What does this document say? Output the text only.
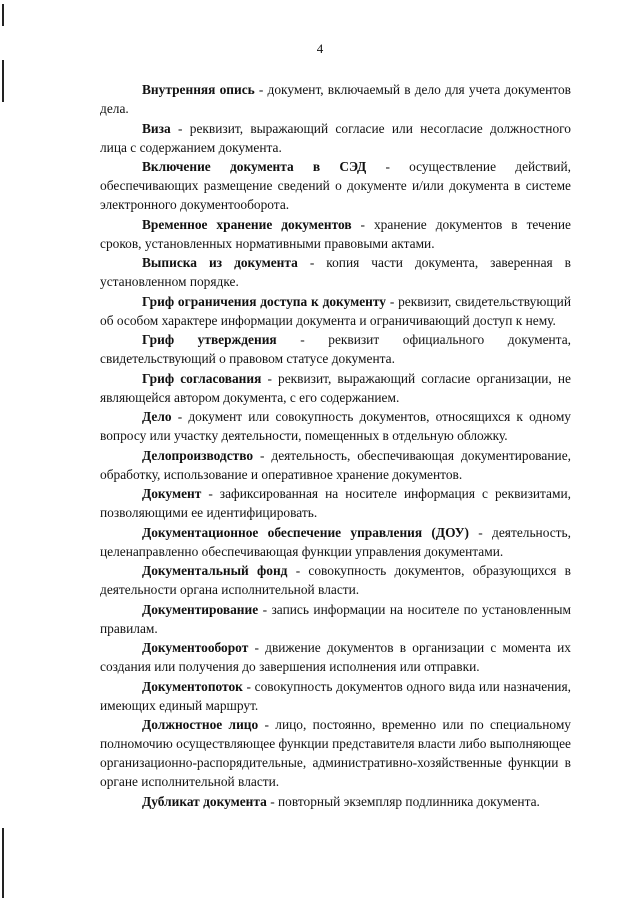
4

Внутренняя опись - документ, включаемый в дело для учета документов дела.

Виза - реквизит, выражающий согласие или несогласие должностного лица с содержанием документа.

Включение документа в СЭД - осуществление действий, обеспечивающих размещение сведений о документе и/или документа в системе электронного документооборота.

Временное хранение документов - хранение документов в течение сроков, установленных нормативными правовыми актами.

Выписка из документа - копия части документа, заверенная в установленном порядке.

Гриф ограничения доступа к документу - реквизит, свидетельствующий об особом характере информации документа и ограничивающий доступ к нему.

Гриф утверждения - реквизит официального документа, свидетельствующий о правовом статусе документа.

Гриф согласования - реквизит, выражающий согласие организации, не являющейся автором документа, с его содержанием.

Дело - документ или совокупность документов, относящихся к одному вопросу или участку деятельности, помещенных в отдельную обложку.

Делопроизводство - деятельность, обеспечивающая документирование, обработку, использование и оперативное хранение документов.

Документ - зафиксированная на носителе информация с реквизитами, позволяющими ее идентифицировать.

Документационное обеспечение управления (ДОУ) - деятельность, целенаправленно обеспечивающая функции управления документами.

Документальный фонд - совокупность документов, образующихся в деятельности органа исполнительной власти.

Документирование - запись информации на носителе по установленным правилам.

Документооборот - движение документов в организации с момента их создания или получения до завершения исполнения или отправки.

Документопоток - совокупность документов одного вида или назначения, имеющих единый маршрут.

Должностное лицо - лицо, постоянно, временно или по специальному полномочию осуществляющее функции представителя власти либо выполняющее организационно-распорядительные, административно-хозяйственные функции в органе исполнительной власти.

Дубликат документа - повторный экземпляр подлинника документа.
